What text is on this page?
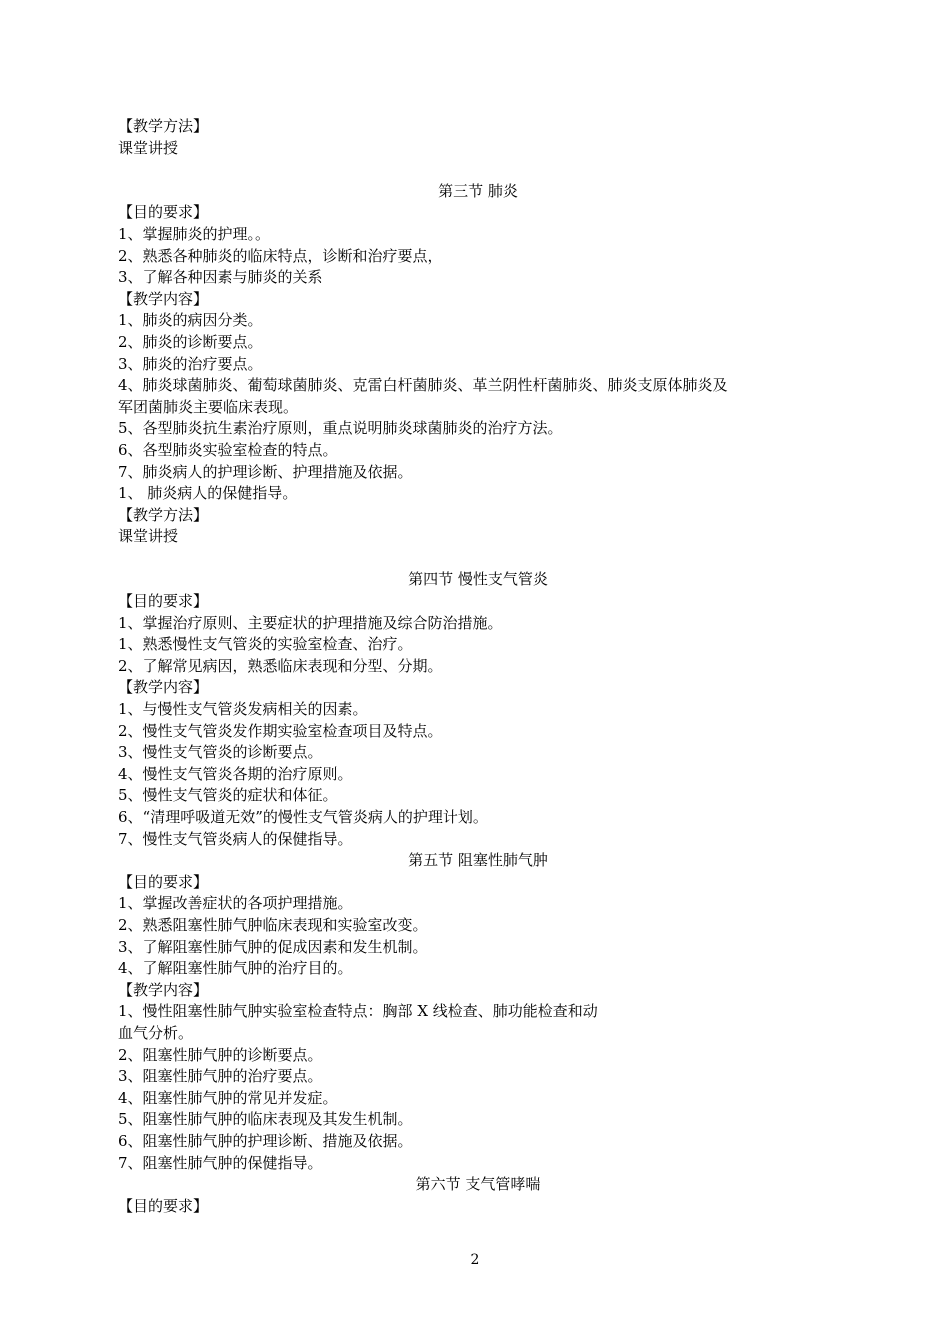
【教学方法】
课堂讲授
第三节 肺炎
【目的要求】
1、掌握肺炎的护理。。
2、熟悉各种肺炎的临床特点，诊断和治疗要点，
3、了解各种因素与肺炎的关系
【教学内容】
1、肺炎的病因分类。
2、肺炎的诊断要点。
3、肺炎的治疗要点。
4、肺炎球菌肺炎、葡萄球菌肺炎、克雷白杆菌肺炎、革兰阴性杆菌肺炎、肺炎支原体肺炎及
军团菌肺炎主要临床表现。
5、各型肺炎抗生素治疗原则，重点说明肺炎球菌肺炎的治疗方法。
6、各型肺炎实验室检查的特点。
7、肺炎病人的护理诊断、护理措施及依据。
1、 肺炎病人的保健指导。
【教学方法】
课堂讲授
第四节 慢性支气管炎
【目的要求】
1、掌握治疗原则、主要症状的护理措施及综合防治措施。
1、熟悉慢性支气管炎的实验室检查、治疗。
2、了解常见病因，熟悉临床表现和分型、分期。
【教学内容】
1、与慢性支气管炎发病相关的因素。
2、慢性支气管炎发作期实验室检查项目及特点。
3、慢性支气管炎的诊断要点。
4、慢性支气管炎各期的治疗原则。
5、慢性支气管炎的症状和体征。
6、“清理呼吸道无效”的慢性支气管炎病人的护理计划。
7、慢性支气管炎病人的保健指导。
第五节 阻塞性肺气肿
【目的要求】
1、掌握改善症状的各项护理措施。
2、熟悉阻塞性肺气肿临床表现和实验室改变。
3、了解阻塞性肺气肿的促成因素和发生机制。
4、了解阻塞性肺气肿的治疗目的。
【教学内容】
1、慢性阻塞性肺气肿实验室检查特点：胸部 X 线检查、肺功能检查和动
血气分析。
2、阻塞性肺气肿的诊断要点。
3、阻塞性肺气肿的治疗要点。
4、阻塞性肺气肿的常见并发症。
5、阻塞性肺气肿的临床表现及其发生机制。
6、阻塞性肺气肿的护理诊断、措施及依据。
7、阻塞性肺气肿的保健指导。
第六节 支气管哮喘
【目的要求】
2
